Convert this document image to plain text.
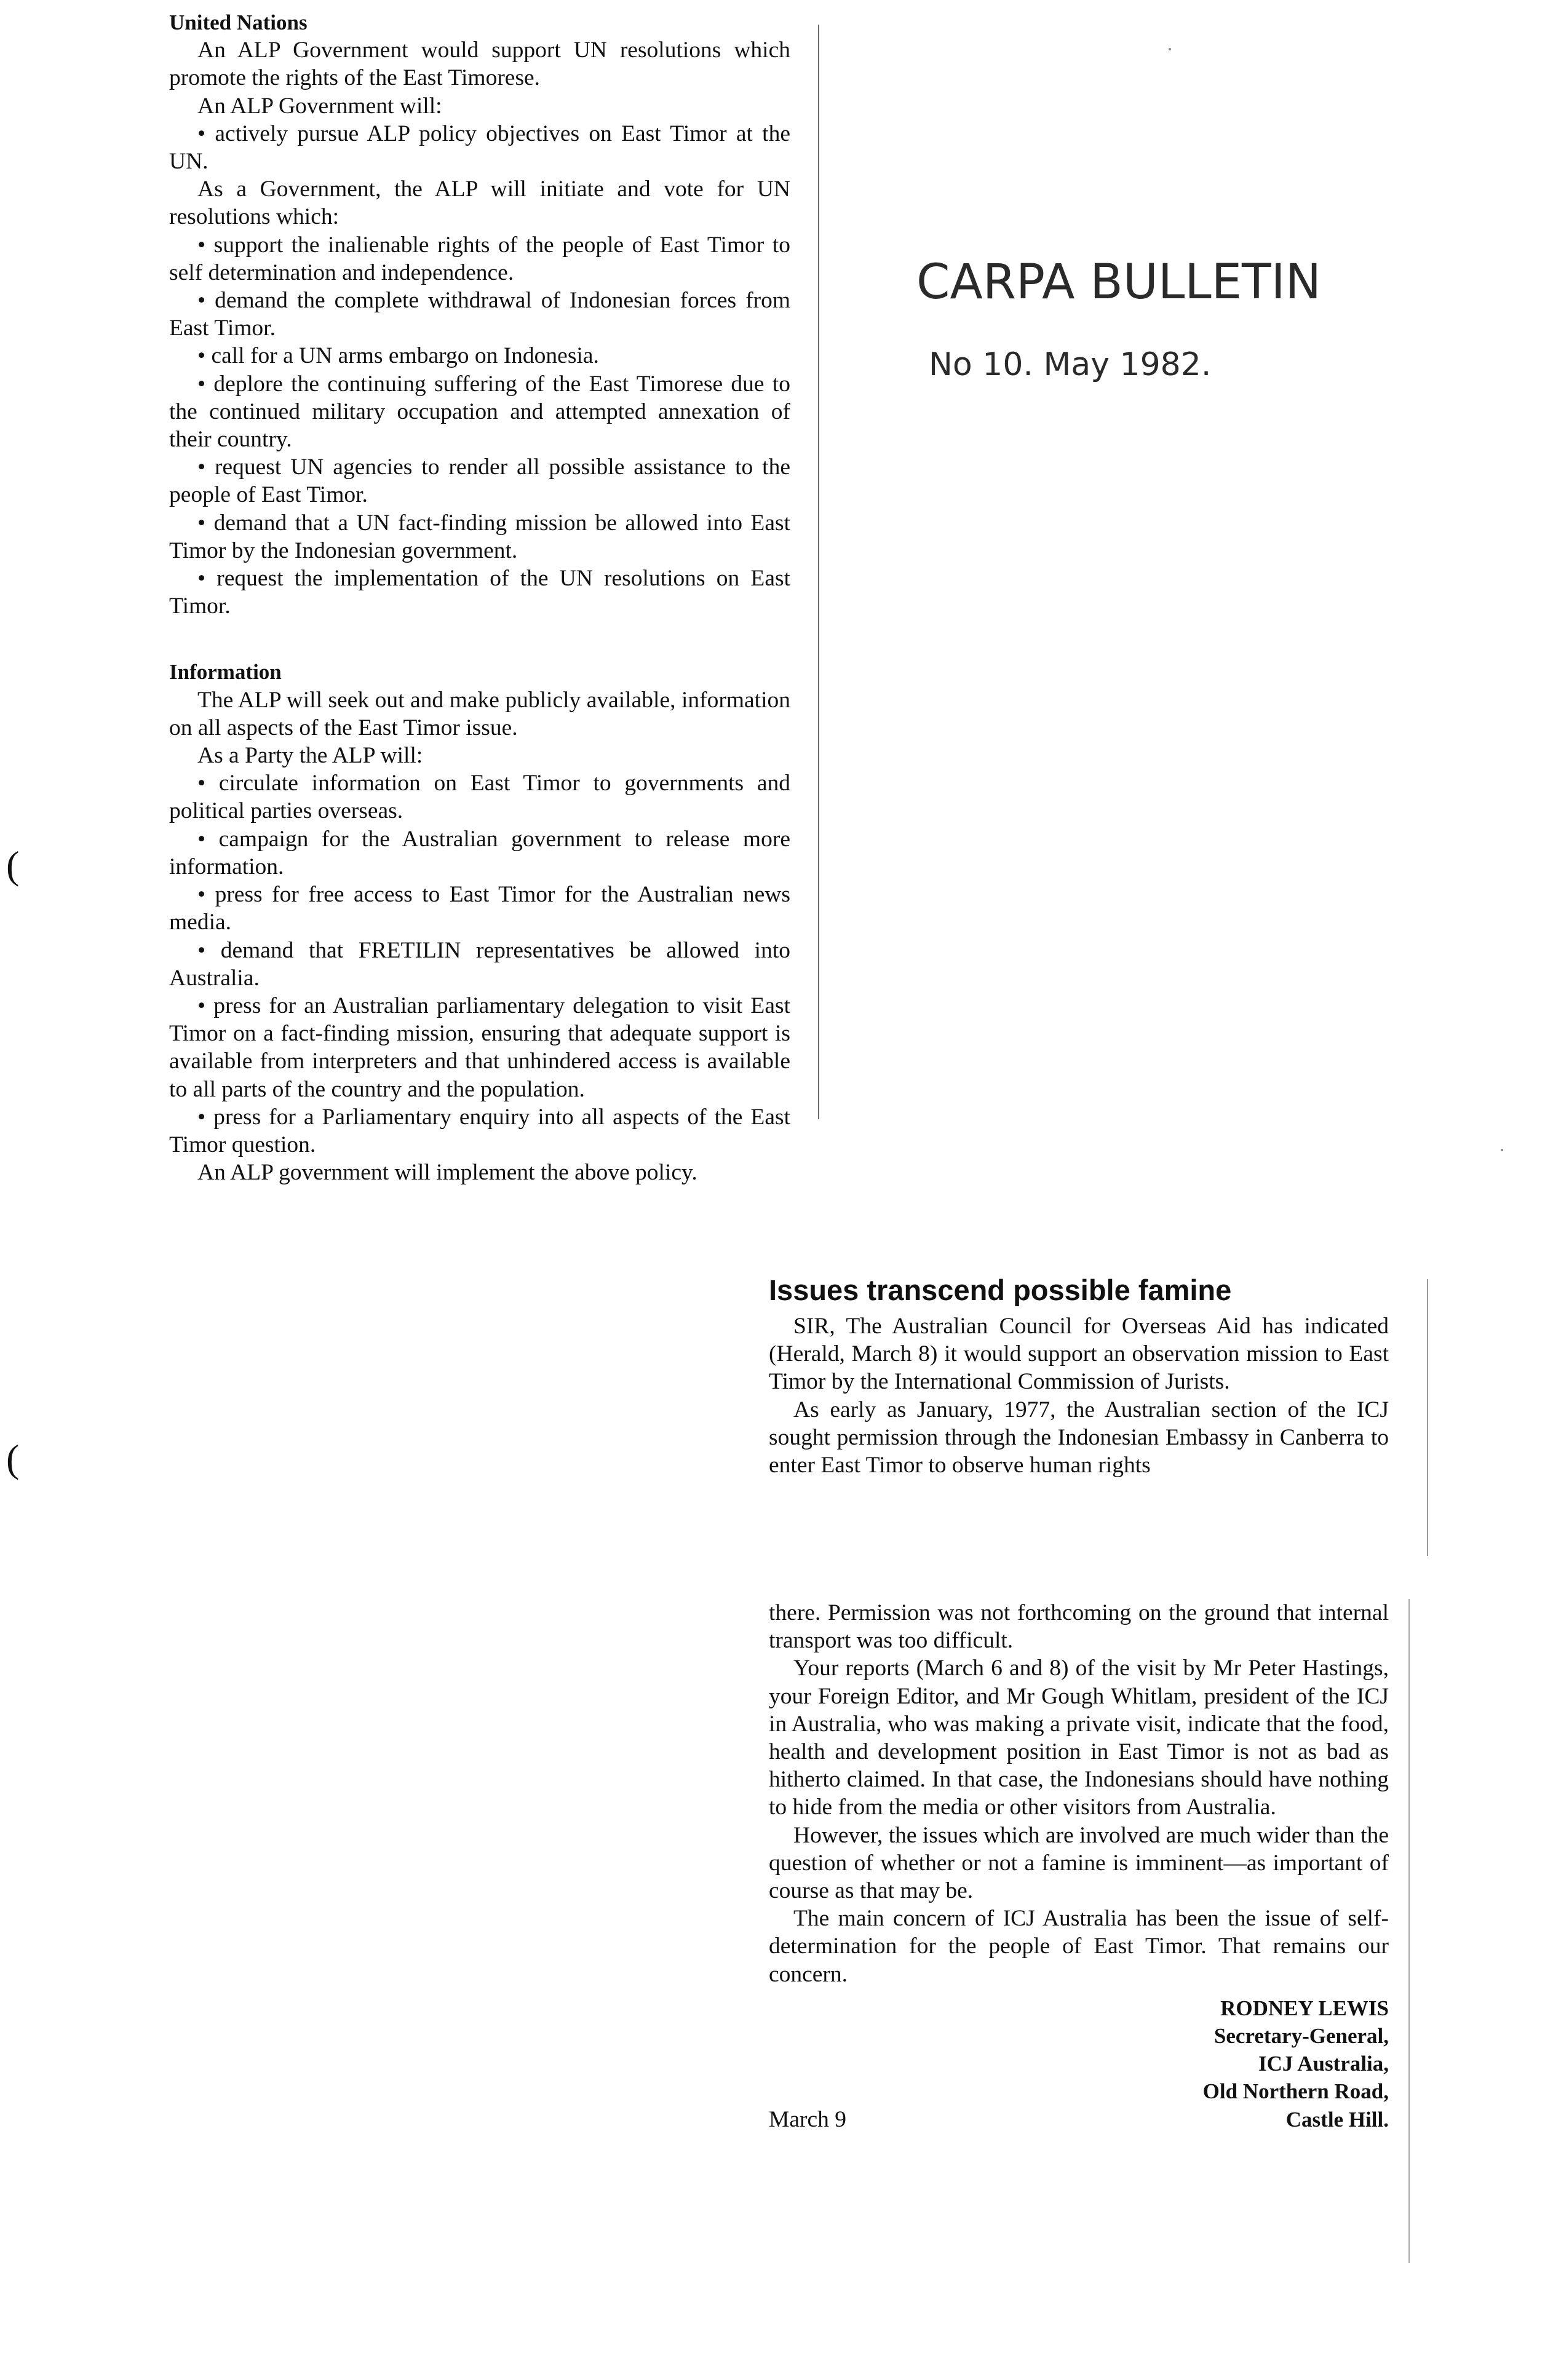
United Nations

An ALP Government would support UN resolutions which promote the rights of the East Timorese.

An ALP Government will:

• actively pursue ALP policy objectives on East Timor at the UN.

As a Government, the ALP will initiate and vote for UN resolutions which:

• support the inalienable rights of the people of East Timor to self determination and independence.

• demand the complete withdrawal of Indonesian forces from East Timor.

• call for a UN arms embargo on Indonesia.

• deplore the continuing suffering of the East Timorese due to the continued military occupation and attempted annexation of their country.

• request UN agencies to render all possible assistance to the people of East Timor.

• demand that a UN fact-finding mission be allowed into East Timor by the Indonesian government.

• request the implementation of the UN resolutions on East Timor.

Information

The ALP will seek out and make publicly available, information on all aspects of the East Timor issue.

As a Party the ALP will:

• circulate information on East Timor to governments and political parties overseas.

• campaign for the Australian government to release more information.

• press for free access to East Timor for the Australian news media.

• demand that FRETILIN representatives be allowed into Australia.

• press for an Australian parliamentary delegation to visit East Timor on a fact-finding mission, ensuring that adequate support is available from interpreters and that unhindered access is available to all parts of the country and the population.

• press for a Parliamentary enquiry into all aspects of the East Timor question.

An ALP government will implement the above policy.

(
(
CARPA BULLETIN
No 10. May 1982.
Issues transcend possible famine

SIR, The Australian Council for Overseas Aid has indicated (Herald, March 8) it would support an observation mission to East Timor by the International Commission of Jurists.

As early as January, 1977, the Australian section of the ICJ sought permission through the Indonesian Embassy in Canberra to enter East Timor to observe human rights

there. Permission was not forthcoming on the ground that internal transport was too difficult.

Your reports (March 6 and 8) of the visit by Mr Peter Hastings, your Foreign Editor, and Mr Gough Whitlam, president of the ICJ in Australia, who was making a private visit, indicate that the food, health and development position in East Timor is not as bad as hitherto claimed. In that case, the Indonesians should have nothing to hide from the media or other visitors from Australia.

However, the issues which are involved are much wider than the question of whether or not a famine is imminent—as important of course as that may be.

The main concern of ICJ Australia has been the issue of self-determination for the people of East Timor. That remains our concern.

RODNEY LEWIS
Secretary-General,
ICJ Australia,
Old Northern Road,
Castle Hill.
March 9
